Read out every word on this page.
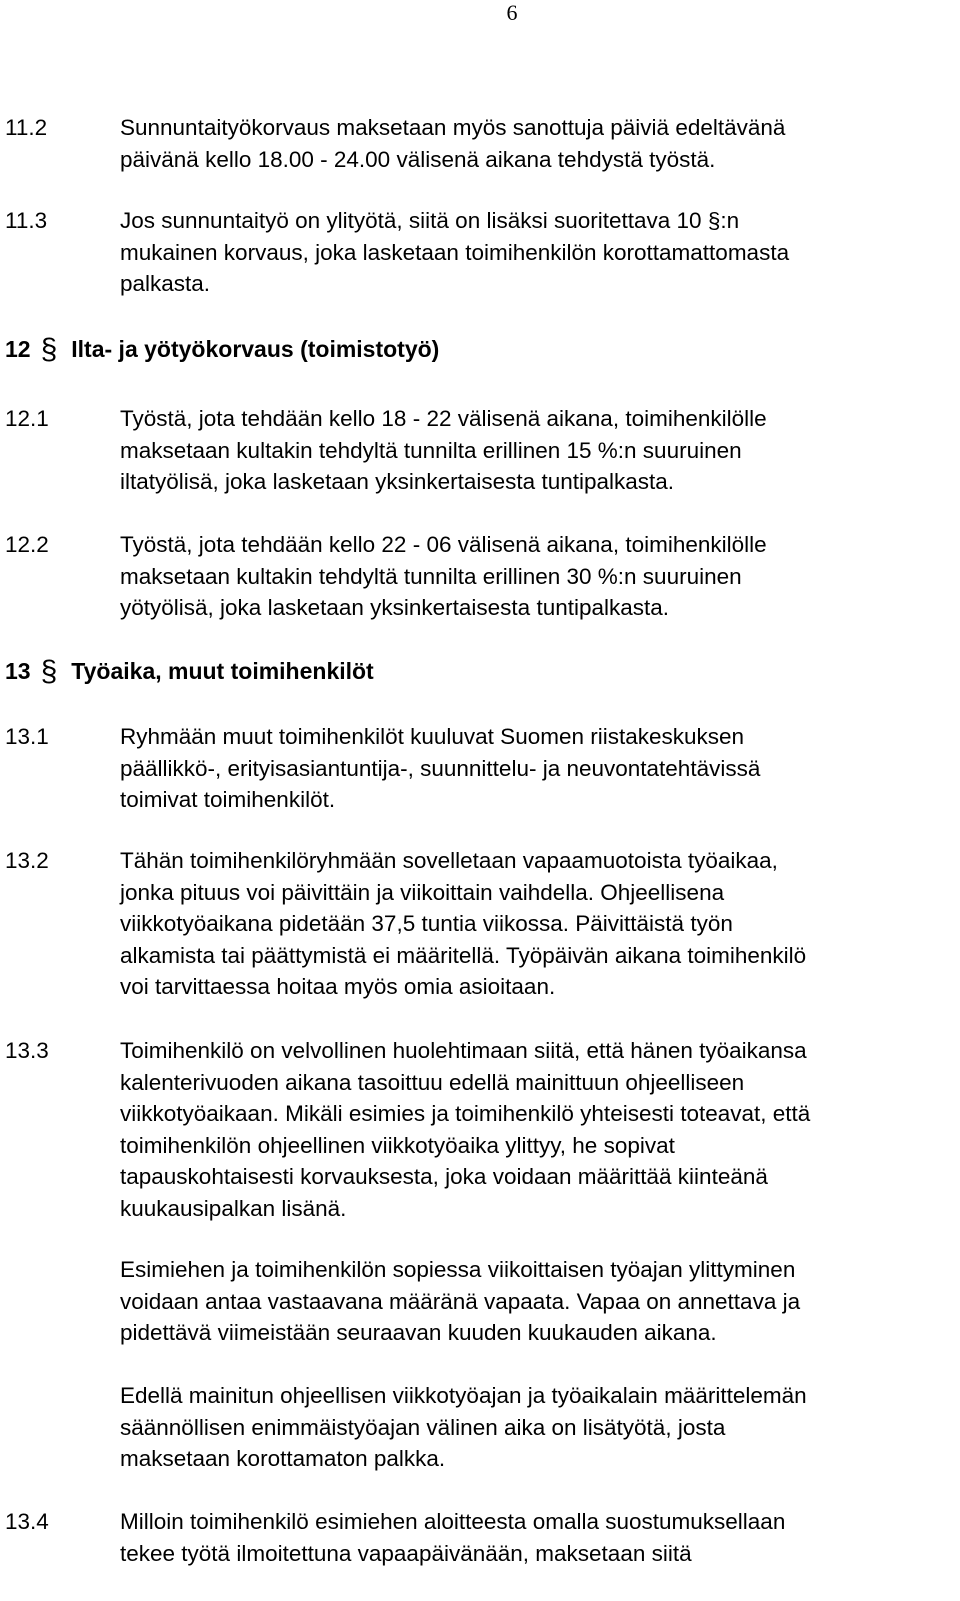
6
11.2	Sunnuntaityökorvaus maksetaan myös sanottuja päiviä edeltävänä
päivänä kello 18.00 - 24.00 välisenä aikana tehdystä työstä.
11.3	Jos sunnuntaityö on ylityötä, siitä on lisäksi suoritettava 10 §:n
mukainen korvaus, joka lasketaan toimihenkilön korottamattomasta
palkasta.
12 § Ilta- ja yötyökorvaus (toimistotyö)
12.1	Työstä, jota tehdään kello 18 - 22 välisenä aikana, toimihenkilölle
maksetaan kultakin tehdyltä tunnilta erillinen 15 %:n suuruinen
iltatyölisä, joka lasketaan yksinkertaisesta tuntipalkasta.
12.2	Työstä, jota tehdään kello 22 - 06 välisenä aikana, toimihenkilölle
maksetaan kultakin tehdyltä tunnilta erillinen 30 %:n suuruinen
yötyölisä, joka lasketaan yksinkertaisesta tuntipalkasta.
13 § Työaika, muut toimihenkilöt
13.1	Ryhmään muut toimihenkilöt kuuluvat Suomen riistakeskuksen
päällikkö-, erityisasiantuntija-, suunnittelu- ja neuvontatehtävissä
toimivat toimihenkilöt.
13.2	Tähän toimihenkilöryhmään sovelletaan vapaamuotoista työaikaa,
jonka pituus voi päivittäin ja viikoittain vaihdella. Ohjeellisena
viikkotyöaikana pidetään 37,5 tuntia viikossa. Päivittäistä työn
alkamista tai päättymistä ei määritellä. Työpäivän aikana toimihenkilö
voi tarvittaessa hoitaa myös omia asioitaan.
13.3	Toimihenkilö on velvollinen huolehtimaan siitä, että hänen työaikansa
kalenterivuoden aikana tasoittuu edellä mainittuun ohjeelliseen
viikkotyöaikaan. Mikäli esimies ja toimihenkilö yhteisesti toteavat, että
toimihenkilön ohjeellinen viikkotyöaika ylittyy, he sopivat
tapauskohtaisesti korvauksesta, joka voidaan määrittää kiinteänä
kuukausipalkan lisänä.
Esimiehen ja toimihenkilön sopiessa viikoittaisen työajan ylittyminen
voidaan antaa vastaavana määränä vapaata. Vapaa on annettava ja
pidettävä viimeistään seuraavan kuuden kuukauden aikana.
Edellä mainitun ohjeellisen viikkotyöajan ja työaikalain määrittelemän
säännöllisen enimmäistyöajan välinen aika on lisätyötä, josta
maksetaan korottamaton palkka.
13.4	Milloin toimihenkilö esimiehen aloitteesta omalla suostumuksellaan
tekee työtä ilmoitettuna vapaapäivänään, maksetaan siitä
